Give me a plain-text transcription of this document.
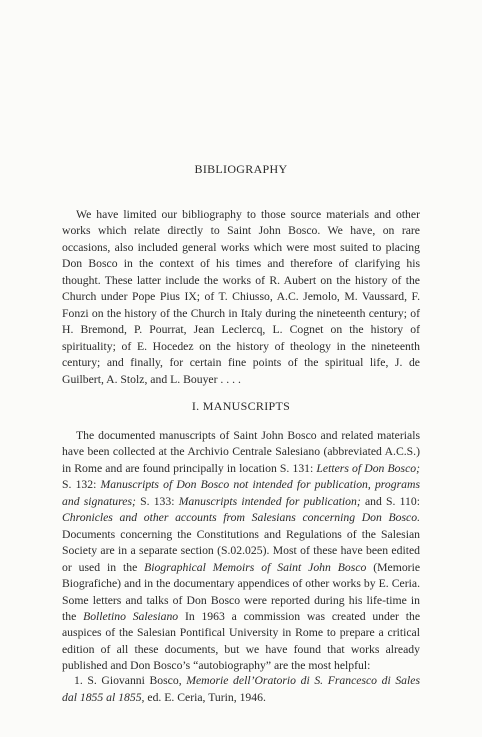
BIBLIOGRAPHY

We have limited our bibliography to those source materials and other works which relate directly to Saint John Bosco. We have, on rare occasions, also included general works which were most suited to placing Don Bosco in the context of his times and therefore of clarifying his thought. These latter include the works of R. Aubert on the history of the Church under Pope Pius IX; of T. Chiusso, A.C. Jemolo, M. Vaussard, F. Fonzi on the history of the Church in Italy during the nineteenth century; of H. Bremond, P. Pourrat, Jean Leclercq, L. Cognet on the history of spirituality; of E. Hocedez on the history of theology in the nineteenth century; and finally, for certain fine points of the spiritual life, J. de Guilbert, A. Stolz, and L. Bouyer . . . .

I. MANUSCRIPTS

The documented manuscripts of Saint John Bosco and related materials have been collected at the Archivio Centrale Salesiano (abbreviated A.C.S.) in Rome and are found principally in location S. 131: Letters of Don Bosco; S. 132: Manuscripts of Don Bosco not intended for publication, programs and signatures; S. 133: Manuscripts intended for publication; and S. 110: Chronicles and other accounts from Salesians concerning Don Bosco. Documents concerning the Constitutions and Regulations of the Salesian Society are in a separate section (S.02.025). Most of these have been edited or used in the Biographical Memoirs of Saint John Bosco (Memorie Biografiche) and in the documentary appendices of other works by E. Ceria. Some letters and talks of Don Bosco were reported during his life-time in the Bolletino Salesiano In 1963 a commission was created under the auspices of the Salesian Pontifical University in Rome to prepare a critical edition of all these documents, but we have found that works already published and Don Bosco’s “autobiography” are the most helpful:

1. S. Giovanni Bosco, Memorie dell’Oratorio di S. Francesco di Sales dal 1855 al 1855, ed. E. Ceria, Turin, 1946.
